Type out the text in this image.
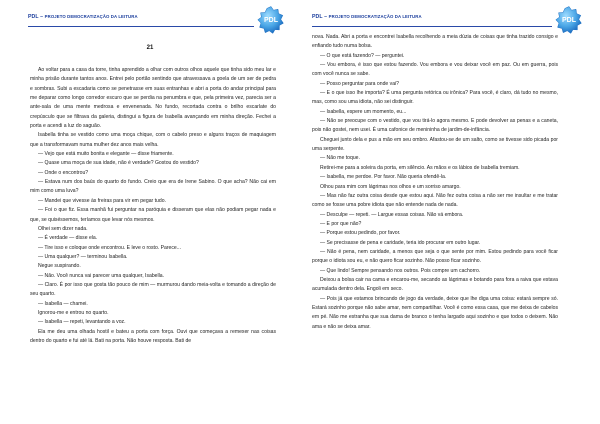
PDL – PROJETO DEMOCRATIZAÇÃO DA LEITURA
PDL
21

Ao voltar para a casa da torre, tinha aprendido a olhar com outros olhos aquele que tinha sido meu lar e minha prisão durante tantos anos. Entrei pelo portão sentindo que atravessava a goela de um ser de pedra e sombras. Subi a escadaria como se penetrasse em suas entranhas e abri a porta do andar principal para me deparar como longo corredor escuro que se perdia na penumbra e que, pela primeira vez, parecia ser a ante-sala de uma mente medrosa e envenenada. No fundo, recortada contra o brilho escarlate do crepúsculo que se filtrava da galeria, distingui a figura de Isabella avançando em minha direção. Fechei a porta e acendi a luz do saguão.

Isabella tinha se vestido como uma moça chique, com o cabelo preso e alguns traços de maquiagem que a transformavam numa mulher dez anos mais velha.

— Vejo que está muito bonita e elegante — disse friamente.

— Quase uma moça de sua idade, não é verdade? Gostou do vestido?

— Onde o encontrou?

— Estava num dos baús do quarto do fundo. Creio que era de Irene Sabino. O que acha? Não cai em mim como uma luva?

— Mandei que vivesse às freiras para vir em pegar tudo.

— Foi o que fiz. Essa manhã fui perguntar na paróquia e disseram que elas não podiam pegar nada e que, se quiséssemos, teríamos que levar nós mesmos.

Olhei sem dizer nada.

— É verdade — disse ela.

— Tire isso e coloque onde encontrou. E leve o rosto. Parece...

— Uma qualquer? — terminou Isabella.

Negue suspirando.

— Não. Você nunca vai parecer uma qualquer, Isabella.

— Claro. É por isso que gosta tão pouco de mim — murmurou dando meia-volta e tomando a direção de seu quarto.

— Isabella — chamei.

Ignorou-me e entrou no quarto.

— Isabella — repeti, levantando a voz.

Ela me deu uma olhada hostil e bateu a porta com força. Ouvi que começava a remexer nas coisas dentro do quarto e fui até lá. Bati na porta. Não houve resposta. Bati de

PDL – PROJETO DEMOCRATIZAÇÃO DA LEITURA
PDL

nova. Nada. Abri a porta e encontrei Isabella recolhendo a meia dúzia de coisas que tinha trazido consigo e enfiando tudo numa bolsa.

— O que está fazendo? — perguntei.

— Vou embora, é isso que estou fazendo. Vou embora e vou deixar você em paz. Ou em guerra, pois com você nunca se sabe.

— Posso perguntar para onde vai?

— E o que isso lhe importa? É uma pergunta retórica ou irônica? Para você, é claro, dá tudo no mesmo, mas, como sou uma idiota, não sei distinguir.

— Isabella, espere um momento, eu...

— Não se preocupe com o vestido, que vou tirá-lo agora mesmo. E pode devolver as penas e a caneta, pois não gostei, nem usei. É uma cafonice de menininha de jardim-de-infância.

Cheguei junto dela e pus a mão em seu ombro. Afastou-se de um salto, como se tivesse sido picada por uma serpente.

— Não me toque.

Retirei-me para a soleira da porta, em silêncio. As mãos e os lábios de Isabella tremiam.

— Isabella, me perdoe. Por favor. Não queria ofendê-la.

Olhou para mim com lágrimas nos olhos e um sorriso amargo.

— Mas não faz outra coisa desde que estou aqui. Não fez outra coisa a não ser me insultar e me tratar como se fosse uma pobre idiota que não entende nada de nada.

— Desculpe — repeti. — Largue essas coisas. Não vá embora.

— E por que não?

— Porque estou pedindo, por favor.

— Se precisasse de pena e caridade, teria ido procurar em outro lugar.

— Não é pena, nem caridade, a menos que seja o que sente por mim. Estou pedindo para você ficar porque o idiota sou eu, e não quero ficar sozinho. Não posso ficar sozinho.

— Que lindo! Sempre pensando nos outros. Pois compre um cachorro.

Deixou a bolsa cair na cama e encarou-me, secando as lágrimas e botando para fora a raiva que estava acumulada dentro dela. Engoli em seco.

— Pois já que estamos brincando de jogo da verdade, deixe que lhe diga uma coisa: estará sempre só. Estará sozinho porque não sabe amar, nem compartilhar. Você é como essa casa, que me deixa de cabelos em pé. Não me estranha que sua dama de branco o tenha largado aqui sozinho e que todos o deixem. Não ama e não se deixa amar.
